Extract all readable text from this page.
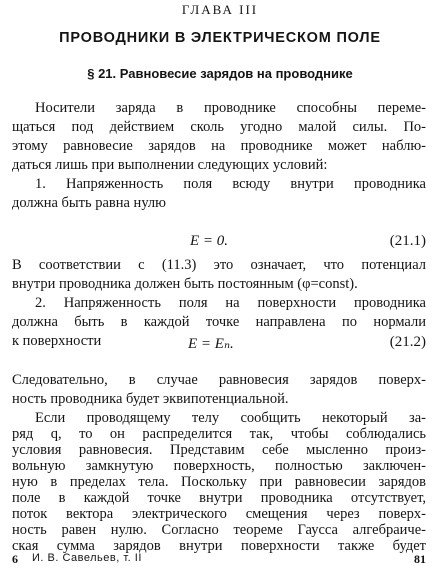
ГЛАВА III
ПРОВОДНИКИ В ЭЛЕКТРИЧЕСКОМ ПОЛЕ
§ 21. Равновесие зарядов на проводнике

Носители заряда в проводнике способны переме-

щаться под действием сколь угодно малой силы. По-

этому равновесие зарядов на проводнике может наблю-

даться лишь при выполнении следующих условий:

1. Напряженность поля всюду внутри проводника

должна быть равна нулю

E = 0.	(21.1)

В соответствии с (11.3) это означает, что потенциал

внутри проводника должен быть постоянным (φ=const).

2. Напряженность поля на поверхности проводника

должна быть в каждой точке направлена по нормали

к поверхности	E = Eₙ.	(21.2)

Следовательно, в случае равновесия зарядов поверх-

ность проводника будет эквипотенциальной.

Если проводящему телу сообщить некоторый за-

ряд q, то он распределится так, чтобы соблюдались

условия равновесия. Представим себе мысленно произ-

вольную замкнутую поверхность, полностью заключен-

ную в пределах тела. Поскольку при равновесии зарядов

поле в каждой точке внутри проводника отсутствует,

поток вектора электрического смещения через поверх-

ность равен нулю. Согласно теореме Гаусса алгебраиче-

ская сумма зарядов внутри поверхности также будет

6 И. В. Савельев, т. II	81
